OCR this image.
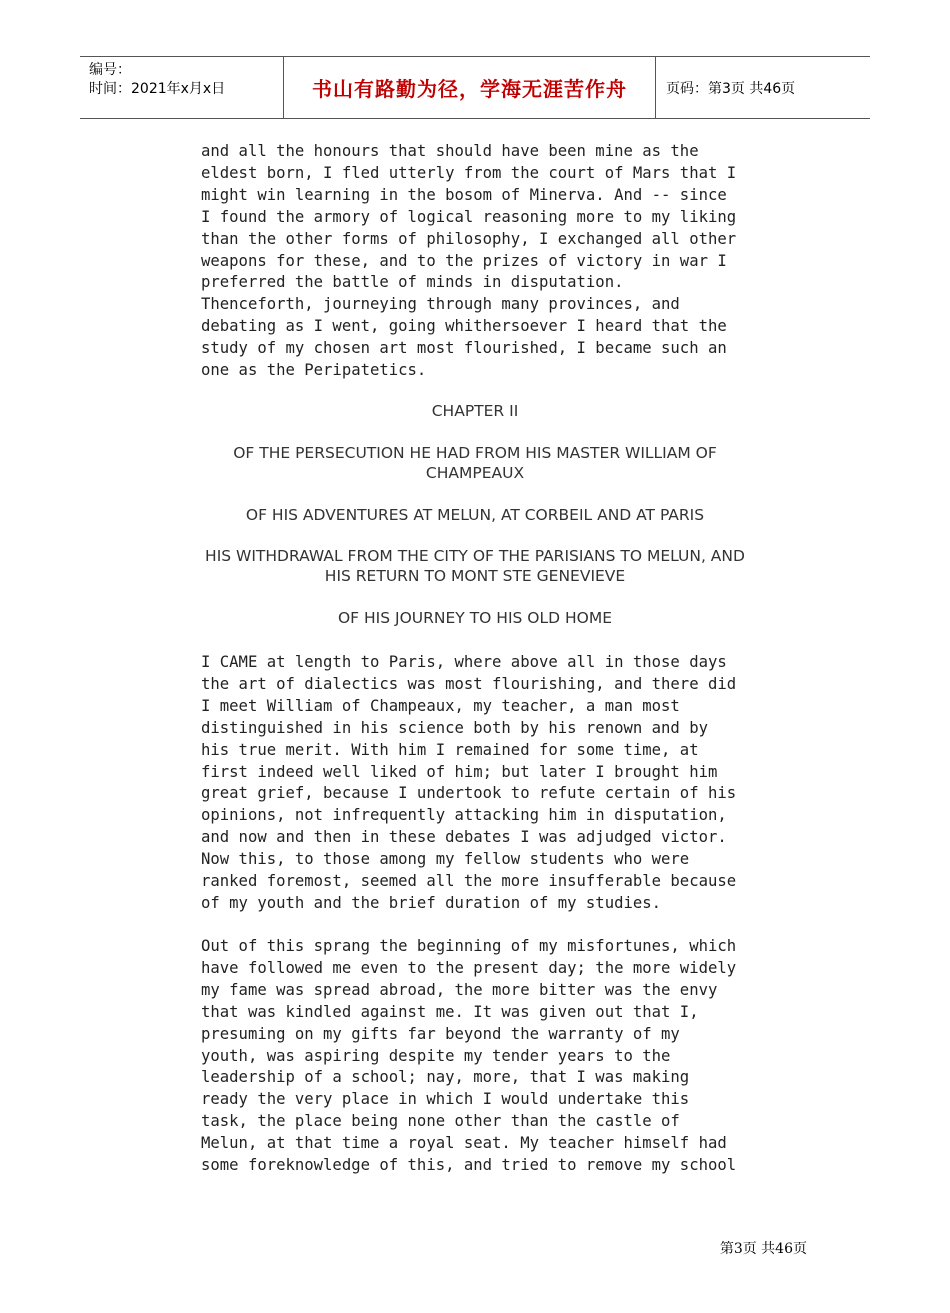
编号：
时间：2021年x月x日	书山有路勤为径，学海无涯苦作舟	页码：第3页 共46页
and all the honours that should have been mine as the
eldest born, I fled utterly from the court of Mars that I
might win learning in the bosom of Minerva. And -- since
I found the armory of logical reasoning more to my liking
than the other forms of philosophy, I exchanged all other
weapons for these, and to the prizes of victory in war I
preferred the battle of minds in disputation.
Thenceforth, journeying through many provinces, and
debating as I went, going whithersoever I heard that the
study of my chosen art most flourished, I became such an
one as the Peripatetics.
CHAPTER II
OF THE PERSECUTION HE HAD FROM HIS MASTER WILLIAM OF CHAMPEAUX
OF HIS ADVENTURES AT MELUN, AT CORBEIL AND AT PARIS
HIS WITHDRAWAL FROM THE CITY OF THE PARISIANS TO MELUN, AND HIS RETURN TO MONT STE GENEVIEVE
OF HIS JOURNEY TO HIS OLD HOME
I CAME at length to Paris, where above all in those days
the art of dialectics was most flourishing, and there did
I meet William of Champeaux, my teacher, a man most
distinguished in his science both by his renown and by
his true merit. With him I remained for some time, at
first indeed well liked of him; but later I brought him
great grief, because I undertook to refute certain of his
opinions, not infrequently attacking him in disputation,
and now and then in these debates I was adjudged victor.
Now this, to those among my fellow students who were
ranked foremost, seemed all the more insufferable because
of my youth and the brief duration of my studies.
Out of this sprang the beginning of my misfortunes, which
have followed me even to the present day; the more widely
my fame was spread abroad, the more bitter was the envy
that was kindled against me. It was given out that I,
presuming on my gifts far beyond the warranty of my
youth, was aspiring despite my tender years to the
leadership of a school; nay, more, that I was making
ready the very place in which I would undertake this
task, the place being none other than the castle of
Melun, at that time a royal seat. My teacher himself had
some foreknowledge of this, and tried to remove my school
第3页 共46页
